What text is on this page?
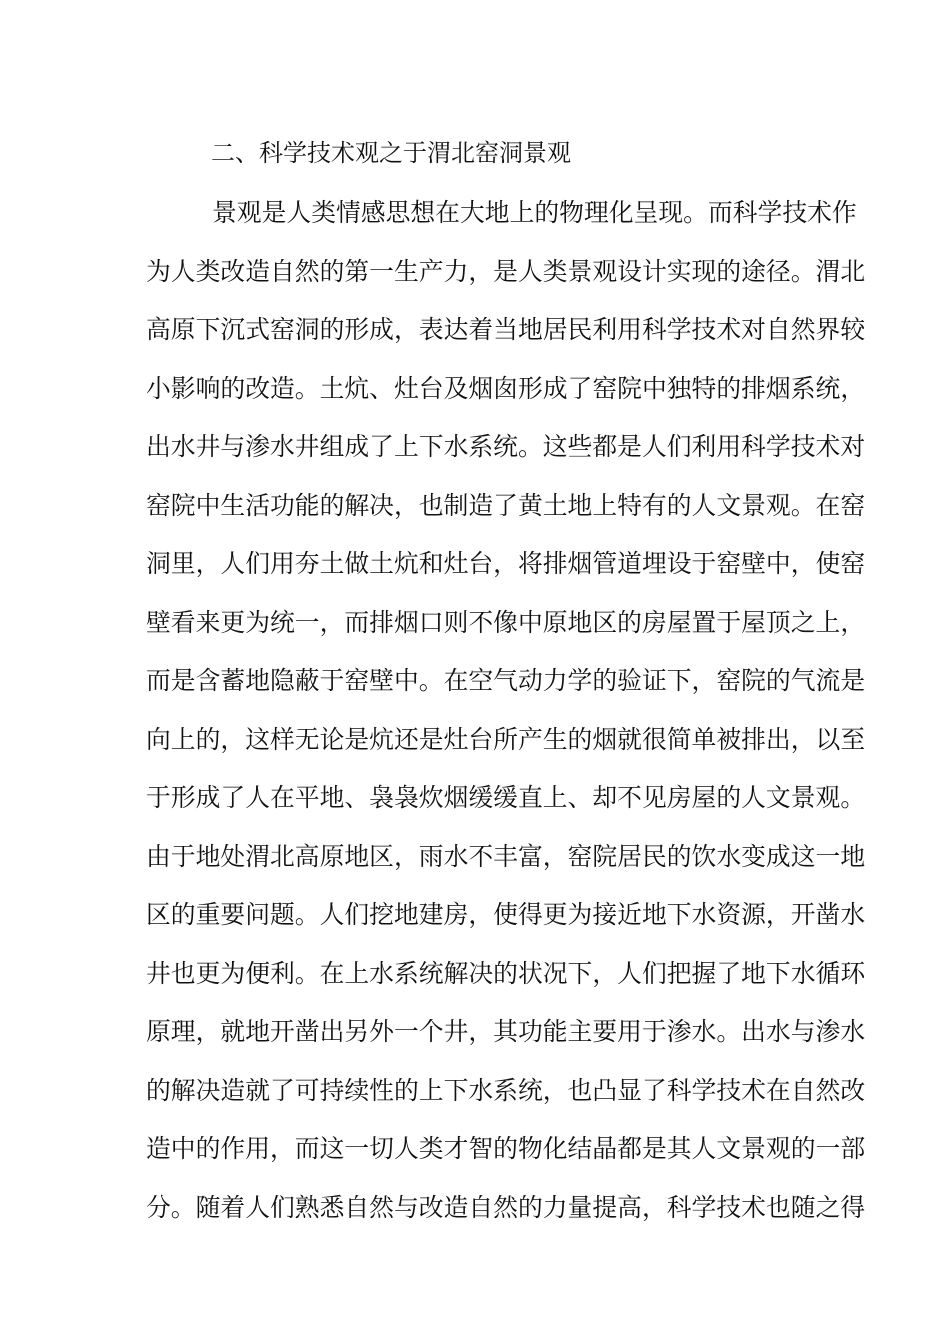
二、科学技术观之于渭北窑洞景观
景观是人类情感思想在大地上的物理化呈现。而科学技术作
为人类改造自然的第一生产力，是人类景观设计实现的途径。渭北
高原下沉式窑洞的形成，表达着当地居民利用科学技术对自然界较
小影响的改造。土炕、灶台及烟囱形成了窑院中独特的排烟系统，
出水井与渗水井组成了上下水系统。这些都是人们利用科学技术对
窑院中生活功能的解决，也制造了黄土地上特有的人文景观。在窑
洞里，人们用夯土做土炕和灶台，将排烟管道埋设于窑壁中，使窑
壁看来更为统一，而排烟口则不像中原地区的房屋置于屋顶之上，
而是含蓄地隐蔽于窑壁中。在空气动力学的验证下，窑院的气流是
向上的，这样无论是炕还是灶台所产生的烟就很简单被排出，以至
于形成了人在平地、袅袅炊烟缓缓直上、却不见房屋的人文景观。
由于地处渭北高原地区，雨水不丰富，窑院居民的饮水变成这一地
区的重要问题。人们挖地建房，使得更为接近地下水资源，开凿水
井也更为便利。在上水系统解决的状况下，人们把握了地下水循环
原理，就地开凿出另外一个井，其功能主要用于渗水。出水与渗水
的解决造就了可持续性的上下水系统，也凸显了科学技术在自然改
造中的作用，而这一切人类才智的物化结晶都是其人文景观的一部
分。随着人们熟悉自然与改造自然的力量提高，科学技术也随之得
